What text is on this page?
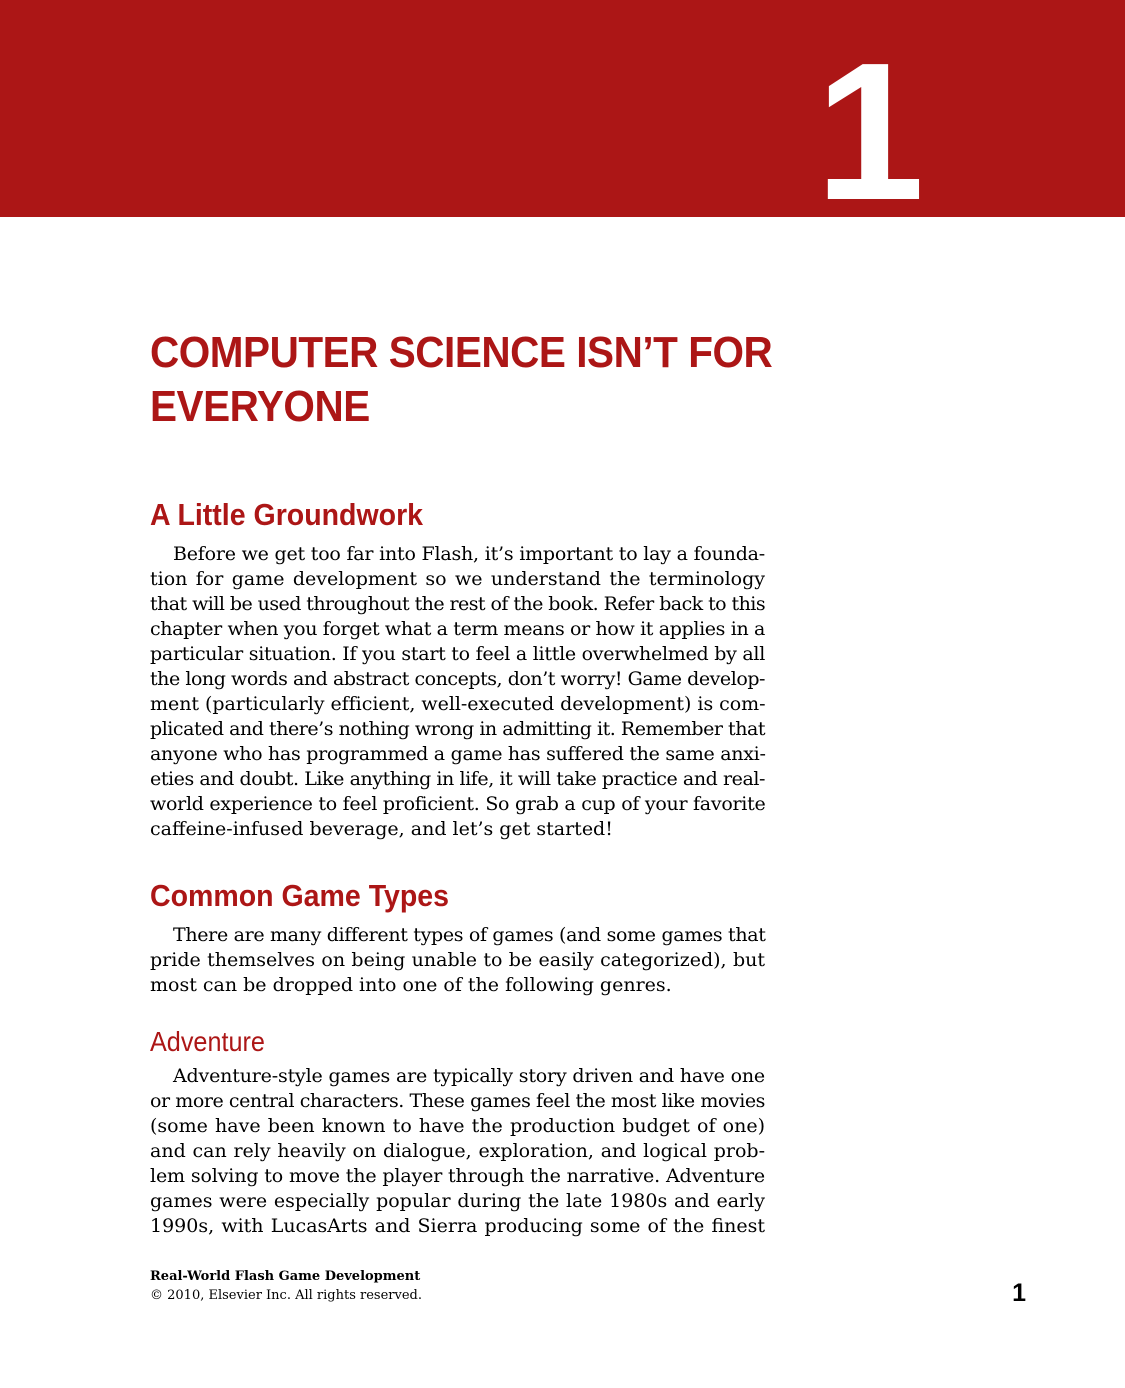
1
COMPUTER SCIENCE ISN’T FOR
EVERYONE
A Little Groundwork
Before we get too far into Flash, it’s important to lay a founda-
tion for game development so we understand the terminology
that will be used throughout the rest of the book. Refer back to this
chapter when you forget what a term means or how it applies in a
particular situation. If you start to feel a little overwhelmed by all
the long words and abstract concepts, don’t worry! Game develop-
ment (particularly efficient, well-executed development) is com-
plicated and there’s nothing wrong in admitting it. Remember that
anyone who has programmed a game has suffered the same anxi-
eties and doubt. Like anything in life, it will take practice and real-
world experience to feel proficient. So grab a cup of your favorite
caffeine-infused beverage, and let’s get started!
Common Game Types
There are many different types of games (and some games that
pride themselves on being unable to be easily categorized), but
most can be dropped into one of the following genres.
Adventure
Adventure-style games are typically story driven and have one
or more central characters. These games feel the most like movies
(some have been known to have the production budget of one)
and can rely heavily on dialogue, exploration, and logical prob-
lem solving to move the player through the narrative. Adventure
games were especially popular during the late 1980s and early
1990s, with LucasArts and Sierra producing some of the finest

Real-World Flash Game Development

© 2010, Elsevier Inc. All rights reserved.	1
